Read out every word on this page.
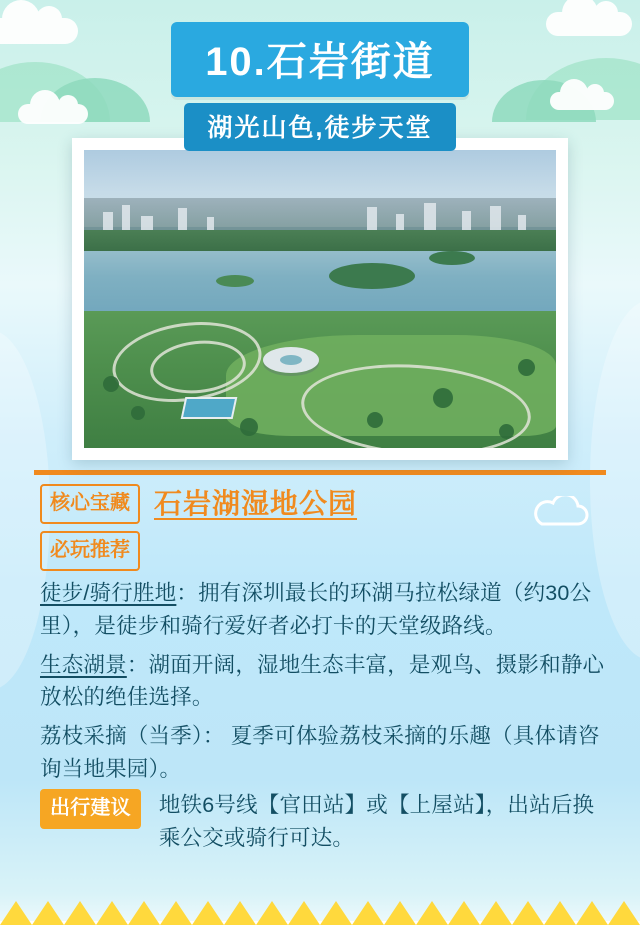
10.石岩街道
湖光山色,徒步天堂
核心宝藏 石岩湖湿地公园
必玩推荐

徒步/骑行胜地：拥有深圳最长的环湖马拉松绿道（约30公里），是徒步和骑行爱好者必打卡的天堂级路线。

生态湖景：湖面开阔，湿地生态丰富，是观鸟、摄影和静心放松的绝佳选择。

荔枝采摘（当季）： 夏季可体验荔枝采摘的乐趣（具体请咨询当地果园）。

出行建议	地铁6号线【官田站】或【上屋站】，出站后换乘公交或骑行可达。
